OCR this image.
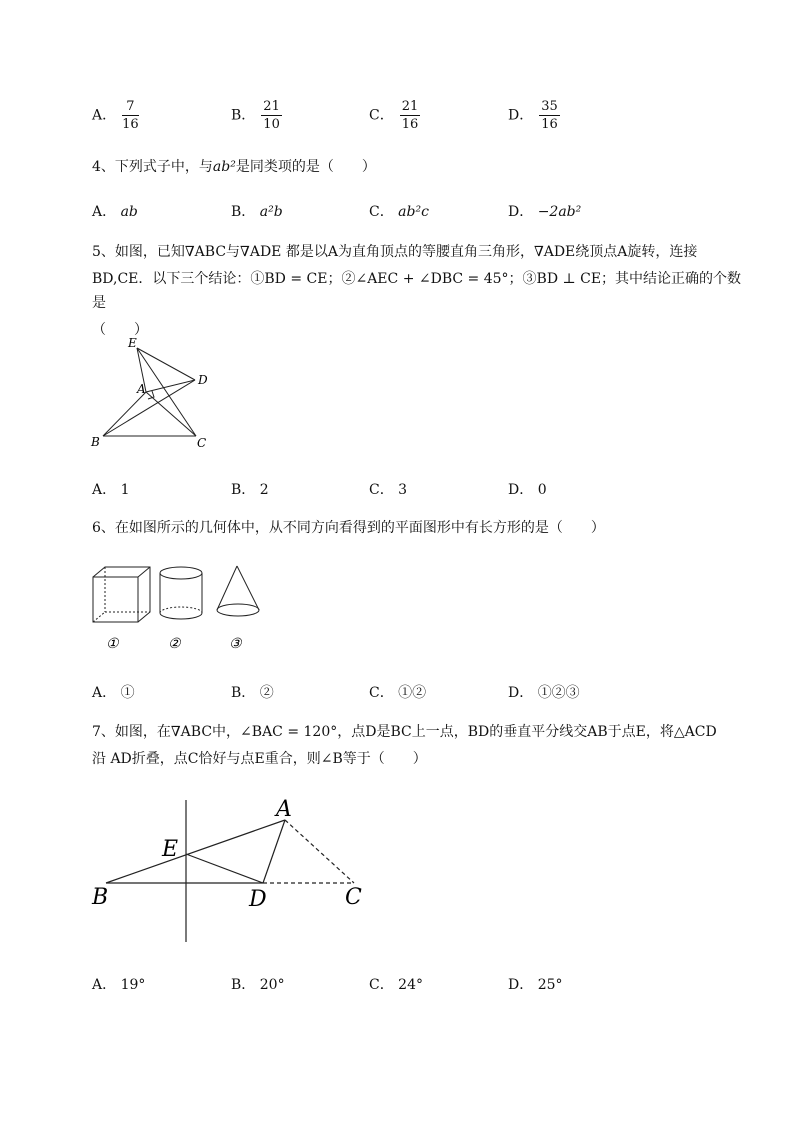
A． $\frac{7}{16}$	B． $\frac{21}{10}$	C． $\frac{21}{16}$	D． $\frac{35}{16}$
4、下列式子中，与ab²是同类项的是（　　）
A． ab	B． a²b	C． ab²c	D． −2ab²
5、如图，已知∇ABC与∇ADE 都是以A为直角顶点的等腰直角三角形，∇ADE绕顶点A旋转，连接
BD,CE．以下三个结论：①BD = CE；②∠AEC + ∠DBC = 45°；③BD ⊥ CE；其中结论正确的个数是
（　　）
E
A
D
B	C
A． 1	B． 2	C． 3	D． 0
6、在如图所示的几何体中，从不同方向看得到的平面图形中有长方形的是（　　）
①	②	③
A． ①	B． ②	C． ①②	D． ①②③
7、如图，在∇ABC中，∠BAC = 120°，点D是BC上一点，BD的垂直平分线交AB于点E，将△ACD
沿 AD折叠，点C恰好与点E重合，则∠B等于（　　）
A
E
B	D	C
A． 19°	B． 20°	C． 24°	D． 25°
